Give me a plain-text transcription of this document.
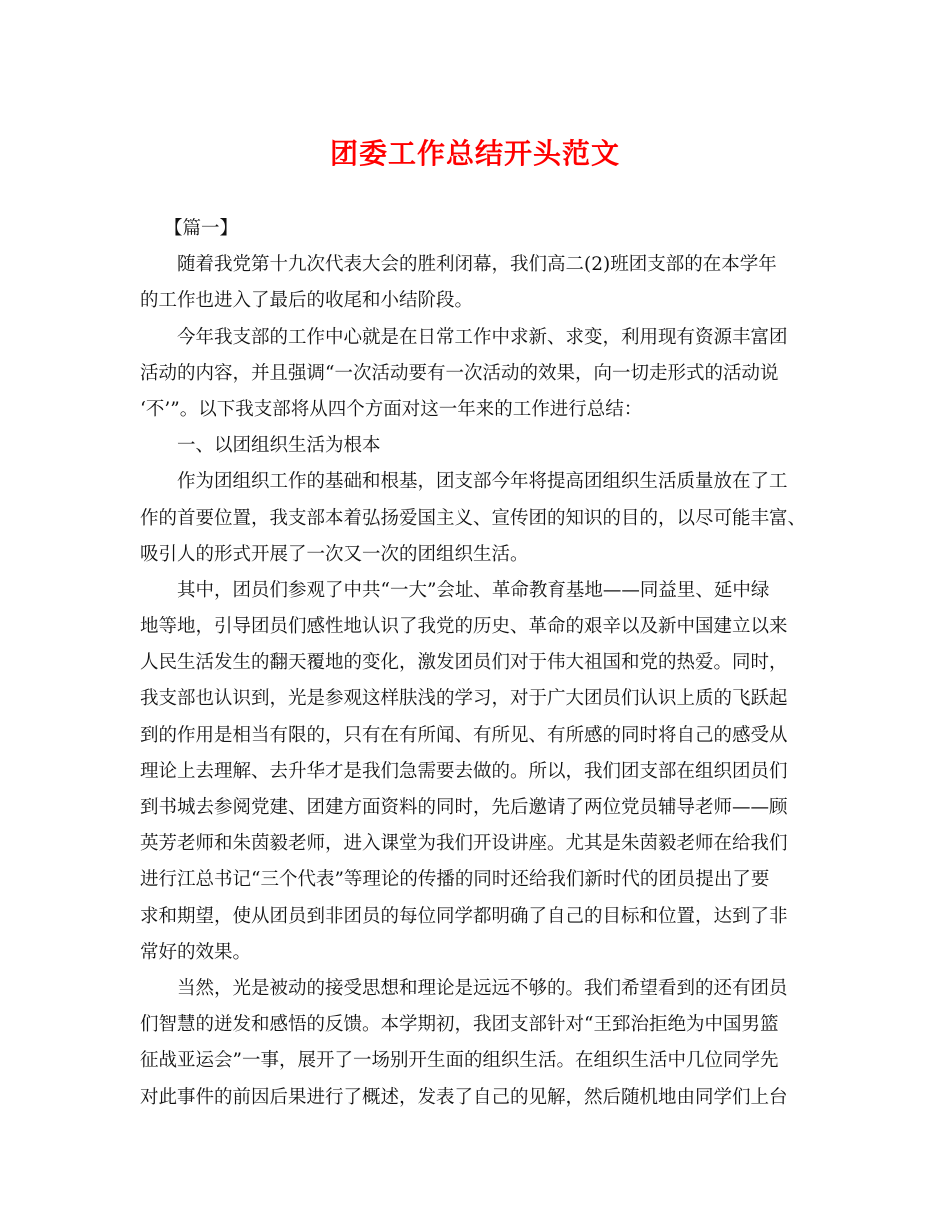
团委工作总结开头范文
【篇一】
随着我党第十九次代表大会的胜利闭幕，我们高二(2)班团支部的在本学年
的工作也进入了最后的收尾和小结阶段。
今年我支部的工作中心就是在日常工作中求新、求变，利用现有资源丰富团
活动的内容，并且强调“一次活动要有一次活动的效果，向一切走形式的活动说
‘不’”。以下我支部将从四个方面对这一年来的工作进行总结：
一、以团组织生活为根本
作为团组织工作的基础和根基，团支部今年将提高团组织生活质量放在了工
作的首要位置，我支部本着弘扬爱国主义、宣传团的知识的目的，以尽可能丰富、
吸引人的形式开展了一次又一次的团组织生活。
其中，团员们参观了中共“一大”会址、革命教育基地——同益里、延中绿
地等地，引导团员们感性地认识了我党的历史、革命的艰辛以及新中国建立以来
人民生活发生的翻天覆地的变化，激发团员们对于伟大祖国和党的热爱。同时，
我支部也认识到，光是参观这样肤浅的学习，对于广大团员们认识上质的飞跃起
到的作用是相当有限的，只有在有所闻、有所见、有所感的同时将自己的感受从
理论上去理解、去升华才是我们急需要去做的。所以，我们团支部在组织团员们
到书城去参阅党建、团建方面资料的同时，先后邀请了两位党员辅导老师——顾
英芳老师和朱茵毅老师，进入课堂为我们开设讲座。尤其是朱茵毅老师在给我们
进行江总书记“三个代表”等理论的传播的同时还给我们新时代的团员提出了要
求和期望，使从团员到非团员的每位同学都明确了自己的目标和位置，达到了非
常好的效果。
当然，光是被动的接受思想和理论是远远不够的。我们希望看到的还有团员
们智慧的迸发和感悟的反馈。本学期初，我团支部针对“王郅治拒绝为中国男篮
征战亚运会”一事，展开了一场别开生面的组织生活。在组织生活中几位同学先
对此事件的前因后果进行了概述，发表了自己的见解，然后随机地由同学们上台
